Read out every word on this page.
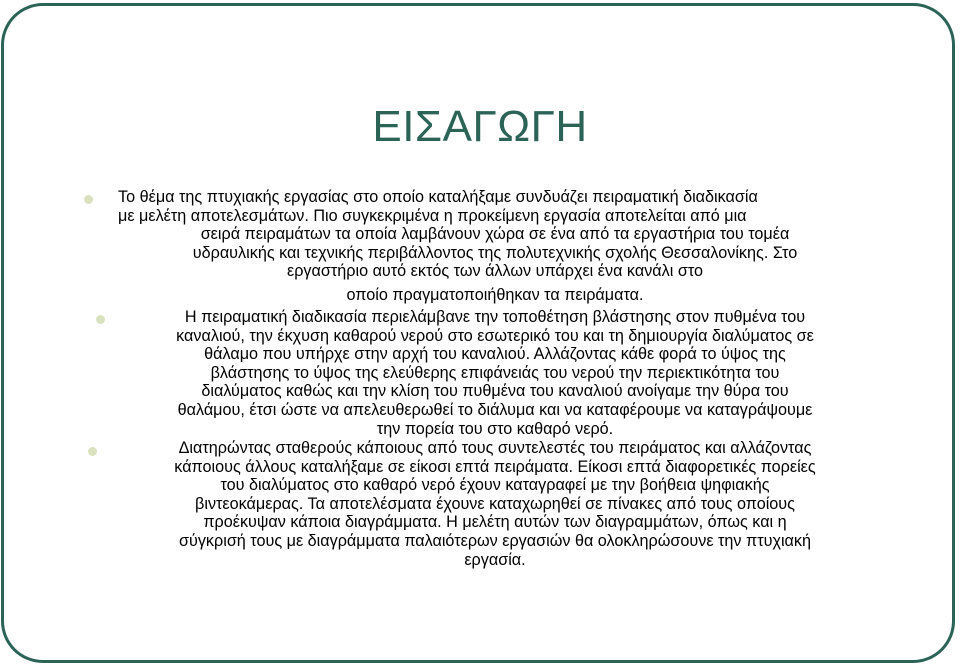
ΕΙΣΑΓΩΓΗ
Το θέμα της πτυχιακής εργασίας στο οποίο καταλήξαμε συνδυάζει πειραματική διαδικασία
με μελέτη αποτελεσμάτων. Πιο συγκεκριμένα η προκείμενη εργασία αποτελείται από μια
σειρά πειραμάτων τα οποία λαμβάνουν χώρα σε ένα από τα εργαστήρια του τομέα
υδραυλικής και τεχνικής περιβάλλοντος της πολυτεχνικής σχολής Θεσσαλονίκης. Στο
εργαστήριο αυτό εκτός των άλλων υπάρχει ένα κανάλι στο
οποίο πραγματοποιήθηκαν τα πειράματα.
Η πειραματική διαδικασία περιελάμβανε την τοποθέτηση βλάστησης στον πυθμένα του
καναλιού, την έκχυση καθαρού νερού στο εσωτερικό του και τη δημιουργία διαλύματος σε
θάλαμο που υπήρχε στην αρχή του καναλιού. Αλλάζοντας κάθε φορά το ύψος της
βλάστησης το ύψος της ελεύθερης επιφάνειάς του νερού την περιεκτικότητα του
διαλύματος καθώς και την κλίση του πυθμένα του καναλιού ανοίγαμε την θύρα του
θαλάμου, έτσι ώστε να απελευθερωθεί το διάλυμα και να καταφέρουμε να καταγράψουμε
την πορεία του στο καθαρό νερό.
Διατηρώντας σταθερούς κάποιους από τους συντελεστές του πειράματος και αλλάζοντας
κάποιους άλλους καταλήξαμε σε είκοσι επτά πειράματα. Είκοσι επτά διαφορετικές πορείες
του διαλύματος στο καθαρό νερό έχουν καταγραφεί με την βοήθεια ψηφιακής
βιντεοκάμερας. Τα αποτελέσματα έχουνε καταχωρηθεί σε πίνακες από τους οποίους
προέκυψαν κάποια διαγράμματα. Η μελέτη αυτών των διαγραμμάτων, όπως και η
σύγκρισή τους με διαγράμματα παλαιότερων εργασιών θα ολοκληρώσουνε την πτυχιακή
εργασία.
